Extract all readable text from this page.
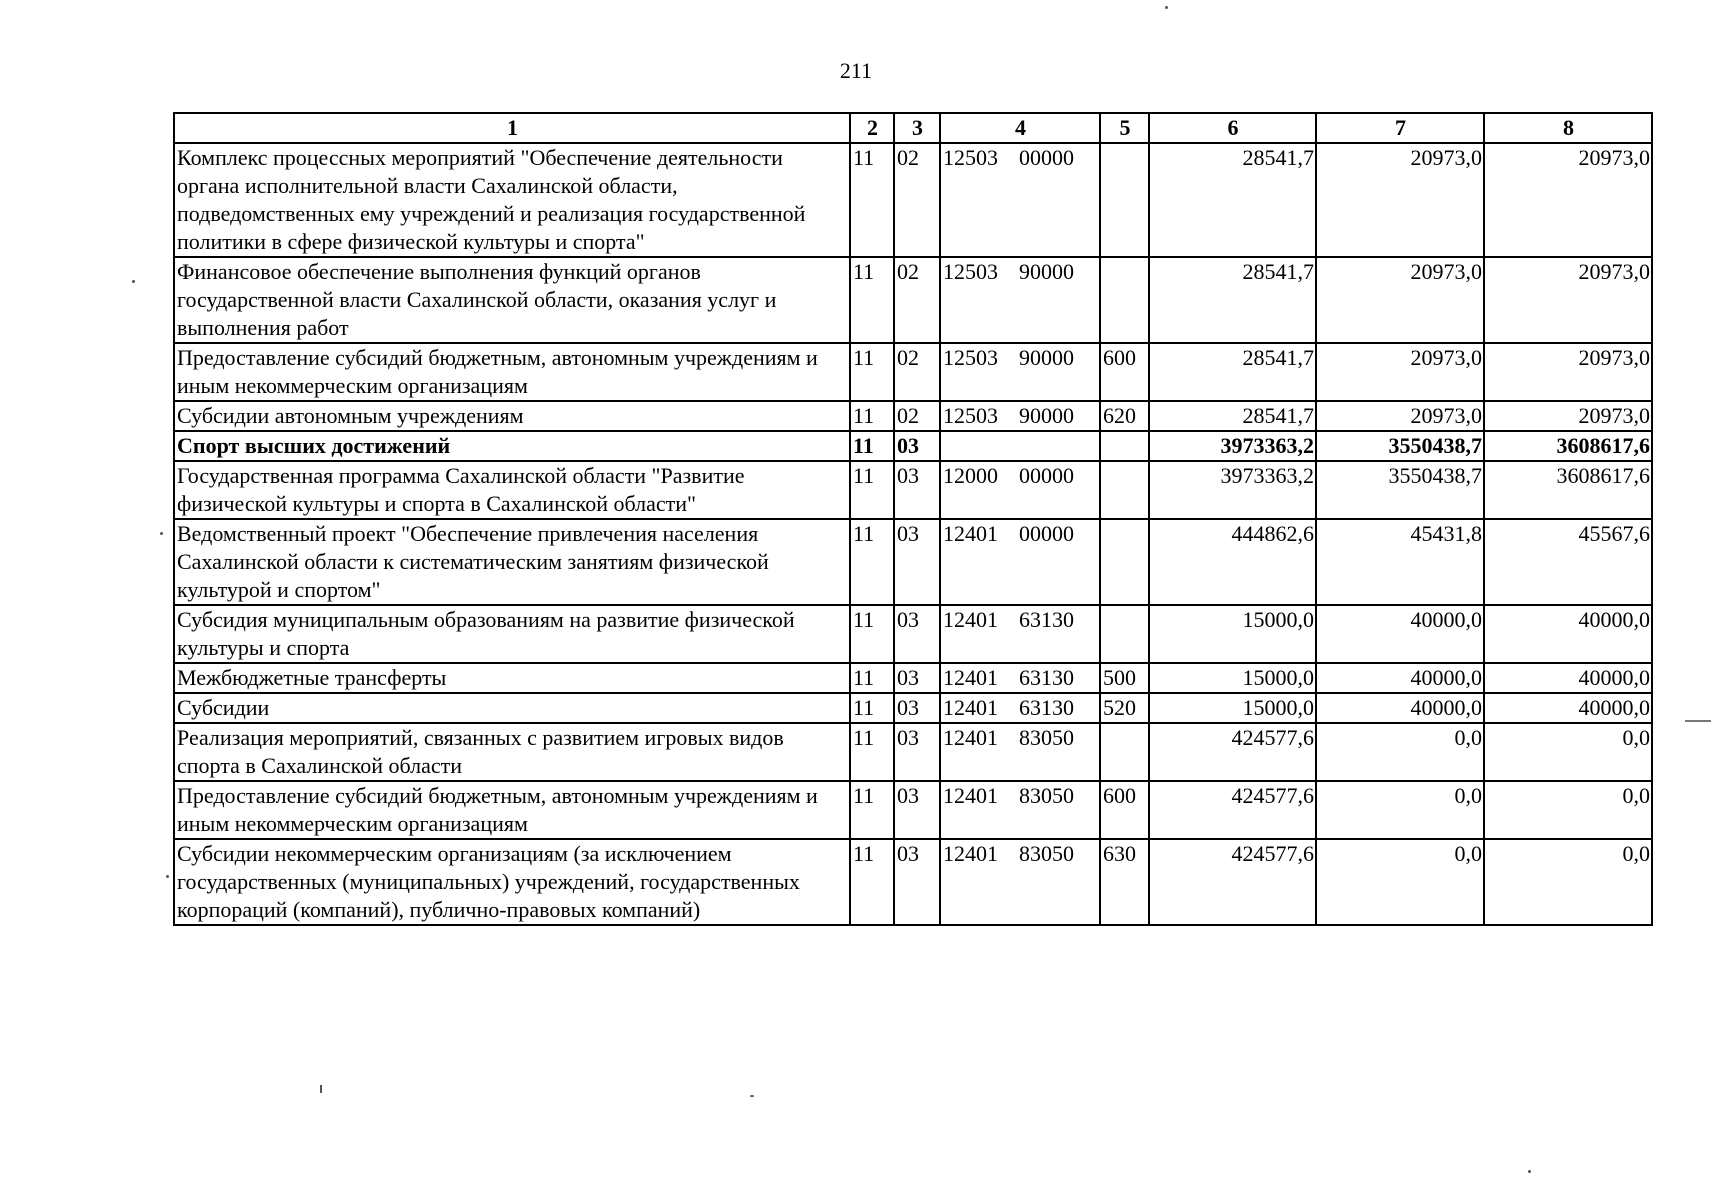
211
1	2	3	4	5	6	7	8
Комплекс процессных мероприятий "Обеспечение деятельности органа исполнительной власти Сахалинской области, подведомственных ему учреждений и реализация государственной политики в сфере физической культуры и спорта"	11	02	12503 00000		28541,7	20973,0	20973,0
Финансовое обеспечение выполнения функций органов государственной власти Сахалинской области, оказания услуг и выполнения работ	11	02	12503 90000		28541,7	20973,0	20973,0
Предоставление субсидий бюджетным, автономным учреждениям и иным некоммерческим организациям	11	02	12503 90000	600	28541,7	20973,0	20973,0
Субсидии автономным учреждениям	11	02	12503 90000	620	28541,7	20973,0	20973,0
Спорт высших достижений	11	03			3973363,2	3550438,7	3608617,6
Государственная программа Сахалинской области "Развитие физической культуры и спорта в Сахалинской области"	11	03	12000 00000		3973363,2	3550438,7	3608617,6
Ведомственный проект "Обеспечение привлечения населения Сахалинской области к систематическим занятиям физической культурой и спортом"	11	03	12401 00000		444862,6	45431,8	45567,6
Субсидия муниципальным образованиям на развитие физической культуры и спорта	11	03	12401 63130		15000,0	40000,0	40000,0
Межбюджетные трансферты	11	03	12401 63130	500	15000,0	40000,0	40000,0
Субсидии	11	03	12401 63130	520	15000,0	40000,0	40000,0
Реализация мероприятий, связанных с развитием игровых видов спорта в Сахалинской области	11	03	12401 83050		424577,6	0,0	0,0
Предоставление субсидий бюджетным, автономным учреждениям и иным некоммерческим организациям	11	03	12401 83050	600	424577,6	0,0	0,0
Субсидии некоммерческим организациям (за исключением государственных (муниципальных) учреждений, государственных корпораций (компаний), публично-правовых компаний)	11	03	12401 83050	630	424577,6	0,0	0,0
